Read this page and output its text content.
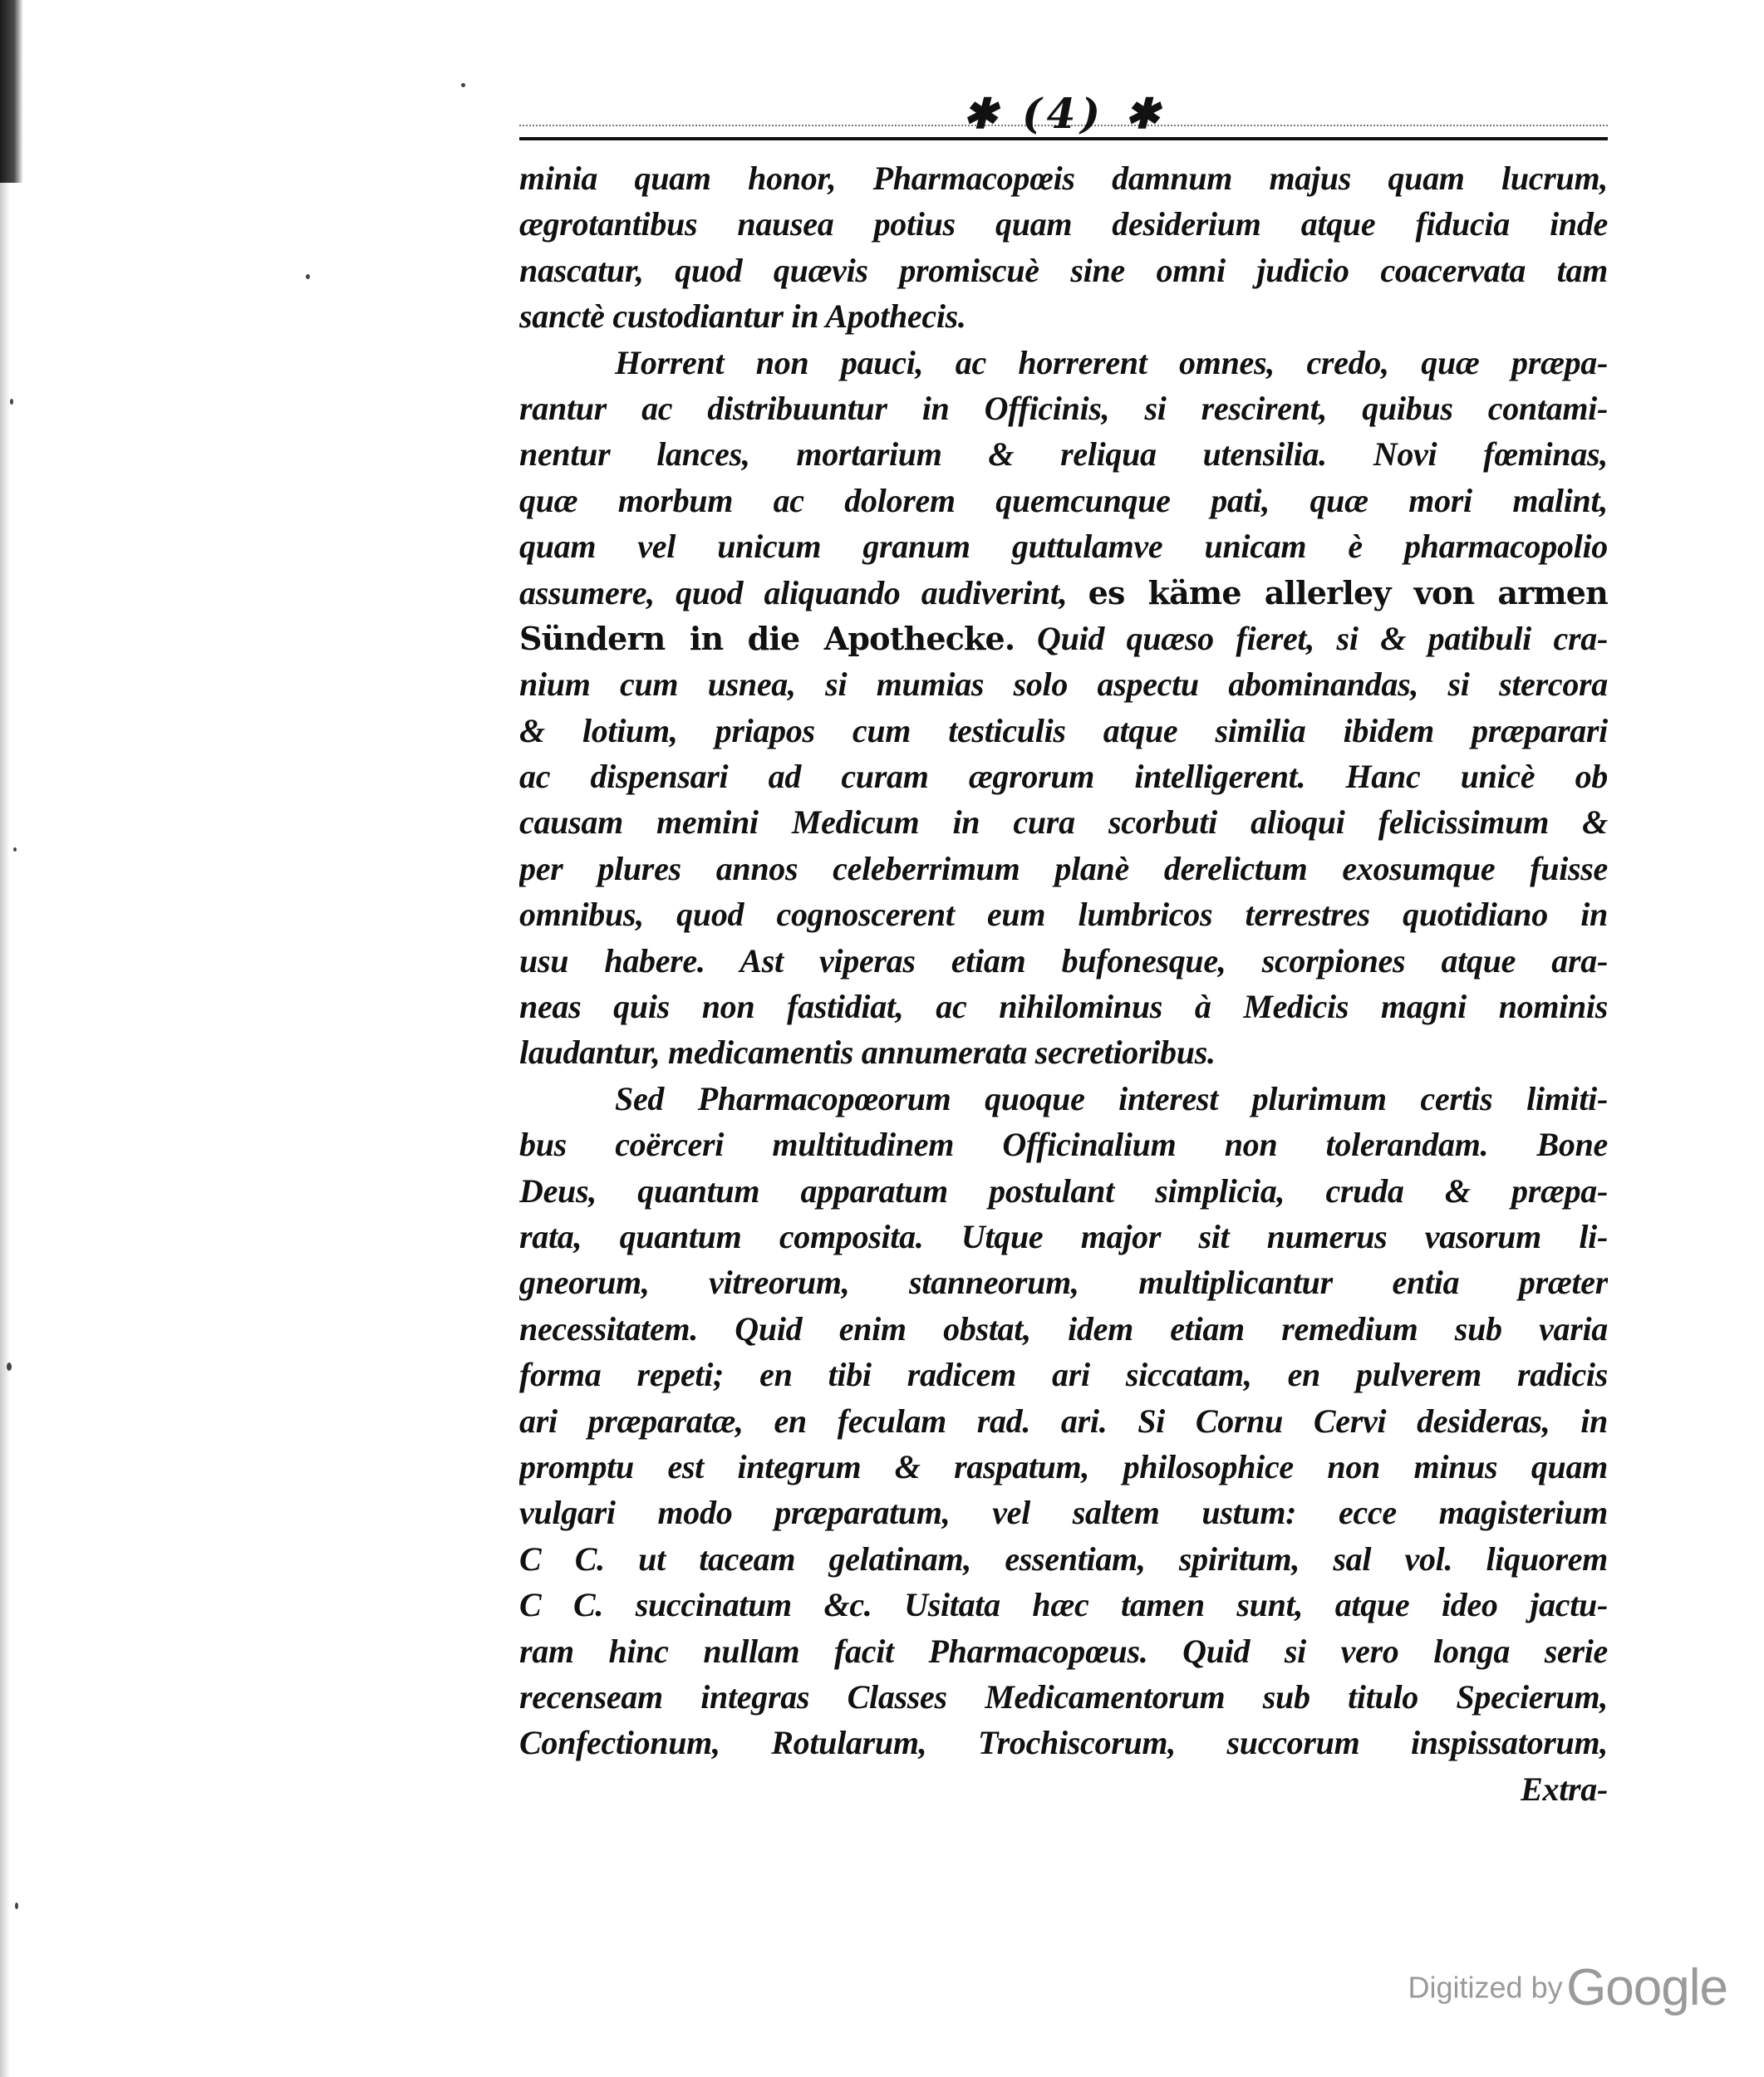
✱ (4) ✱
minia quam honor, Pharmacopœis damnum majus quam lucrum,
ægrotantibus nausea potius quam desiderium atque fiducia inde
nascatur, quod quævis promiscuè sine omni judicio coacervata tam
sanctè custodiantur in Apothecis.
Horrent non pauci, ac horrerent omnes, credo, quæ præpa-
rantur ac distribuuntur in Officinis, si rescirent, quibus contami-
nentur lances, mortarium & reliqua utensilia. Novi fœminas,
quæ morbum ac dolorem quemcunque pati, quæ mori malint,
quam vel unicum granum guttulamve unicam è pharmacopolio
assumere, quod aliquando audiverint, es käme allerley von armen
Sündern in die Apothecke. Quid quæso fieret, si & patibuli cra-
nium cum usnea, si mumias solo aspectu abominandas, si stercora
& lotium, priapos cum testiculis atque similia ibidem præparari
ac dispensari ad curam ægrorum intelligerent. Hanc unicè ob
causam memini Medicum in cura scorbuti alioqui felicissimum &
per plures annos celeberrimum planè derelictum exosumque fuisse
omnibus, quod cognoscerent eum lumbricos terrestres quotidiano in
usu habere. Ast viperas etiam bufonesque, scorpiones atque ara-
neas quis non fastidiat, ac nihilominus à Medicis magni nominis
laudantur, medicamentis annumerata secretioribus.
Sed Pharmacopœorum quoque interest plurimum certis limiti-
bus coërceri multitudinem Officinalium non tolerandam. Bone
Deus, quantum apparatum postulant simplicia, cruda & præpa-
rata, quantum composita. Utque major sit numerus vasorum li-
gneorum, vitreorum, stanneorum, multiplicantur entia præter
necessitatem. Quid enim obstat, idem etiam remedium sub varia
forma repeti; en tibi radicem ari siccatam, en pulverem radicis
ari præparatæ, en feculam rad. ari. Si Cornu Cervi desideras, in
promptu est integrum & raspatum, philosophice non minus quam
vulgari modo præparatum, vel saltem ustum: ecce magisterium
C C. ut taceam gelatinam, essentiam, spiritum, sal vol. liquorem
C C. succinatum &c. Usitata hæc tamen sunt, atque ideo jactu-
ram hinc nullam facit Pharmacopœus. Quid si vero longa serie
recenseam integras Classes Medicamentorum sub titulo Specierum,
Confectionum, Rotularum, Trochiscorum, succorum inspissatorum,
Extra-
Digitized by Google
